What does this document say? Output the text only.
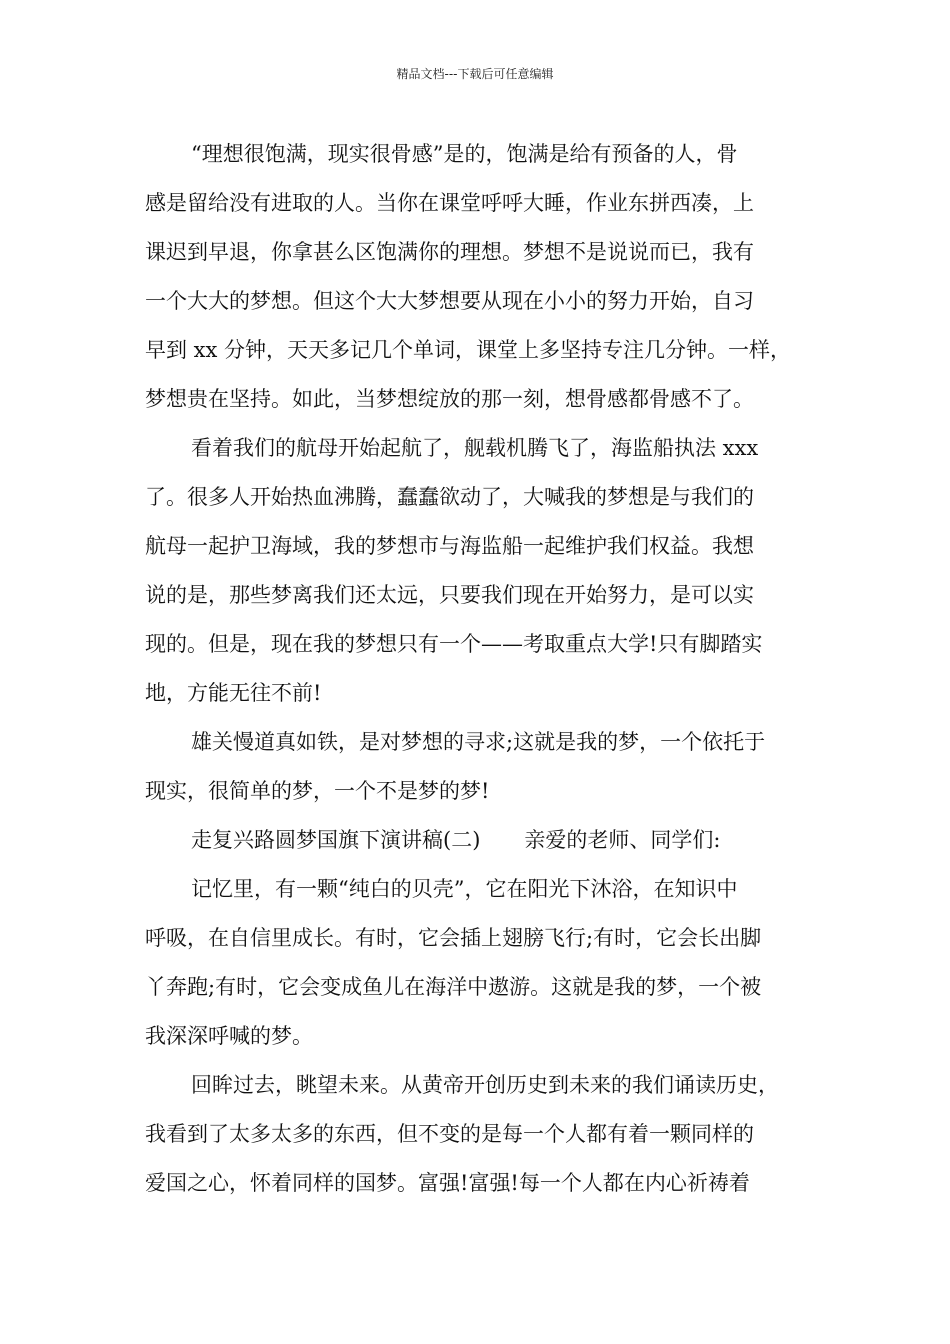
精品文档---下载后可任意编辑
“理想很饱满，现实很骨感”是的，饱满是给有预备的人，骨
感是留给没有进取的人。当你在课堂呼呼大睡，作业东拼西凑，上
课迟到早退，你拿甚么区饱满你的理想。梦想不是说说而已，我有
一个大大的梦想。但这个大大梦想要从现在小小的努力开始，自习
早到 xx 分钟，天天多记几个单词，课堂上多坚持专注几分钟。一样，
梦想贵在坚持。如此，当梦想绽放的那一刻，想骨感都骨感不了。
看着我们的航母开始起航了，舰载机腾飞了，海监船执法 xxx
了。很多人开始热血沸腾，蠢蠢欲动了，大喊我的梦想是与我们的
航母一起护卫海域，我的梦想市与海监船一起维护我们权益。我想
说的是，那些梦离我们还太远，只要我们现在开始努力，是可以实
现的。但是，现在我的梦想只有一个——考取重点大学!只有脚踏实
地，方能无往不前!
雄关慢道真如铁，是对梦想的寻求;这就是我的梦，一个依托于
现实，很简单的梦，一个不是梦的梦!
走复兴路圆梦国旗下演讲稿(二) 亲爱的老师、同学们:
记忆里，有一颗“纯白的贝壳”，它在阳光下沐浴，在知识中
呼吸，在自信里成长。有时，它会插上翅膀飞行;有时，它会长出脚
丫奔跑;有时，它会变成鱼儿在海洋中遨游。这就是我的梦，一个被
我深深呼喊的梦。
回眸过去，眺望未来。从黄帝开创历史到未来的我们诵读历史，
我看到了太多太多的东西，但不变的是每一个人都有着一颗同样的
爱国之心，怀着同样的国梦。富强!富强!每一个人都在内心祈祷着
